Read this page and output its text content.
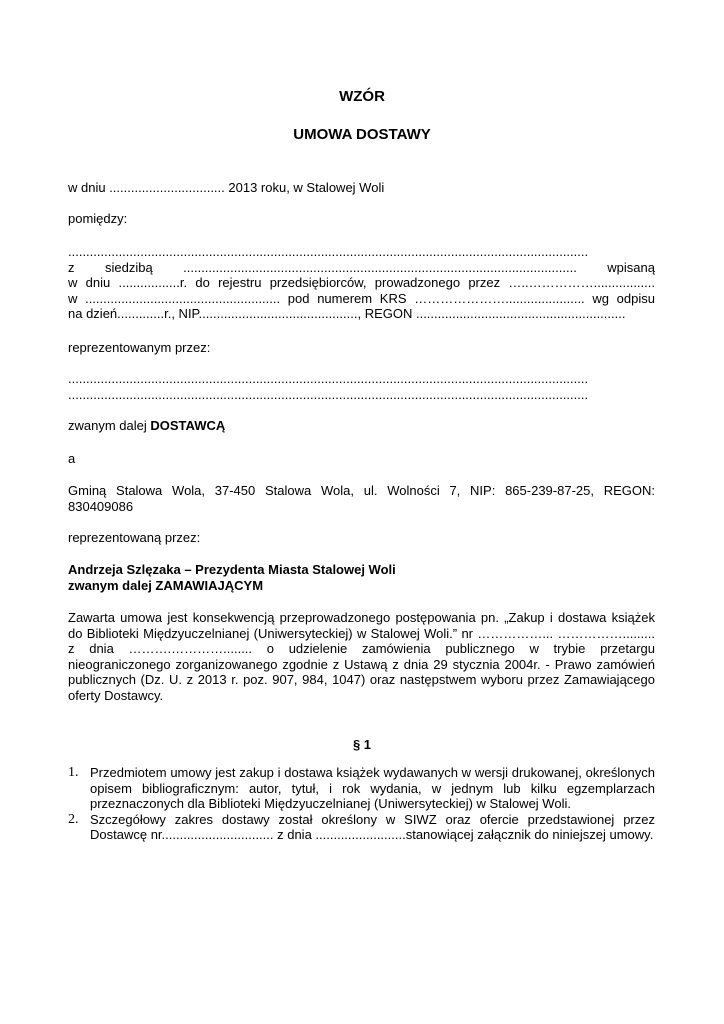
WZÓR
UMOWA DOSTAWY
w dniu ................................ 2013 roku, w Stalowej Woli
pomiędzy:
................................................................................................................................................
z siedzibą ............................................................................................................. wpisaną
w dniu .................r. do rejestru przedsiębiorców, prowadzonego przez …..…………….................
w ...................................................... pod numerem KRS …………………...................... wg odpisu
na dzień.............r., NIP............................................, REGON ..........................................................
reprezentowanym przez:
................................................................................................................................................
................................................................................................................................................
zwanym dalej DOSTAWCĄ
a
Gminą Stalowa Wola, 37-450 Stalowa Wola, ul. Wolności 7, NIP: 865-239-87-25, REGON: 830409086
reprezentowaną przez:
Andrzeja Szlęzaka – Prezydenta Miasta Stalowej Woli
zwanym dalej ZAMAWIAJĄCYM
Zawarta umowa jest konsekwencją przeprowadzonego postępowania pn. „Zakup i dostawa książek do Biblioteki Międzyuczelnianej (Uniwersyteckiej) w Stalowej Woli.” nr ……………... ……………......... z dnia ……….…………........ o udzielenie zamówienia publicznego w trybie przetargu nieograniczonego zorganizowanego zgodnie z Ustawą z dnia 29 stycznia 2004r. - Prawo zamówień publicznych (Dz. U. z 2013 r. poz. 907, 984, 1047) oraz następstwem wyboru przez Zamawiającego oferty Dostawcy.
§ 1
1. Przedmiotem umowy jest zakup i dostawa książek wydawanych w wersji drukowanej, określonych opisem bibliograficznym: autor, tytuł, i rok wydania, w jednym lub kilku egzemplarzach przeznaczonych dla Biblioteki Międzyuczelnianej (Uniwersyteckiej) w Stalowej Woli.
2. Szczegółowy zakres dostawy został określony w SIWZ oraz ofercie przedstawionej przez Dostawcę nr............................... z dnia .........................stanowiącej załącznik do niniejszej umowy.
